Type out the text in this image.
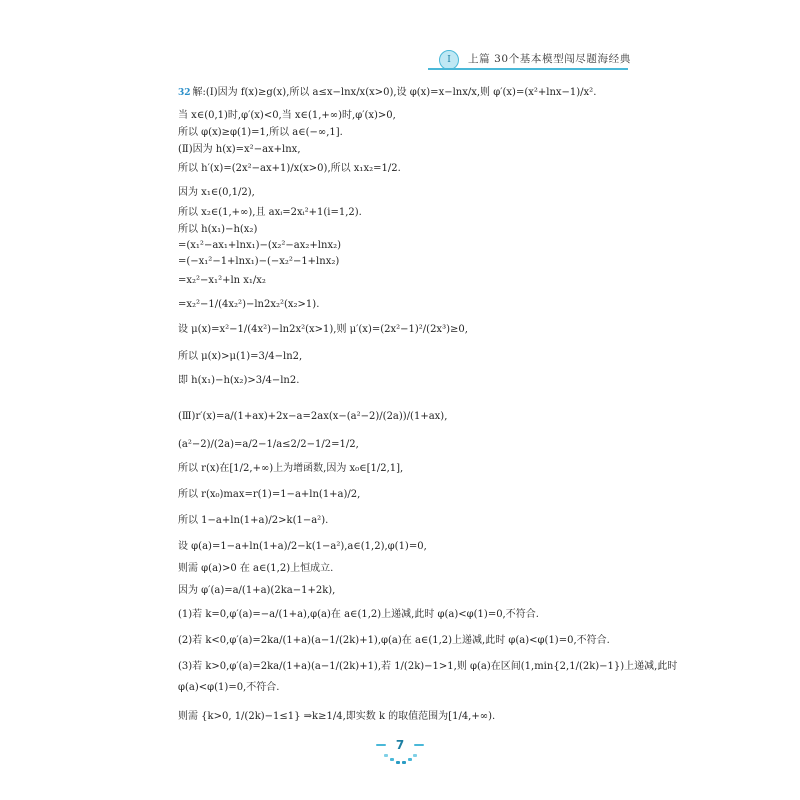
Ⅰ	上篇 30个基本模型闯尽题海经典
32 解:(Ⅰ)因为 f(x)≥g(x),所以 a≤x−lnx/x(x>0),设 φ(x)=x−lnx/x,则 φ′(x)=(x²+lnx−1)/x².
当 x∈(0,1)时,φ′(x)<0,当 x∈(1,+∞)时,φ′(x)>0,
所以 φ(x)≥φ(1)=1,所以 a∈(−∞,1].
(Ⅱ)因为 h(x)=x²−ax+lnx,
所以 h′(x)=(2x²−ax+1)/x(x>0),所以 x₁x₂=1/2.
因为 x₁∈(0,1/2),
所以 x₂∈(1,+∞),且 axᵢ=2xᵢ²+1(i=1,2).
所以 h(x₁)−h(x₂)
=(x₁²−ax₁+lnx₁)−(x₂²−ax₂+lnx₂)
=(−x₁²−1+lnx₁)−(−x₂²−1+lnx₂)
=x₂²−x₁²+ln x₁/x₂
=x₂²−1/(4x₂²)−ln2x₂²(x₂>1).
设 μ(x)=x²−1/(4x²)−ln2x²(x>1),则 μ′(x)=(2x²−1)²/(2x³)≥0,
所以 μ(x)>μ(1)=3/4−ln2,
即 h(x₁)−h(x₂)>3/4−ln2.
(Ⅲ)r′(x)=a/(1+ax)+2x−a=2ax(x−(a²−2)/(2a))/(1+ax),
(a²−2)/(2a)=a/2−1/a≤2/2−1/2=1/2,
所以 r(x)在[1/2,+∞)上为增函数,因为 x₀∈[1/2,1],
所以 r(x₀)max=r(1)=1−a+ln(1+a)/2,
所以 1−a+ln(1+a)/2>k(1−a²).
设 φ(a)=1−a+ln(1+a)/2−k(1−a²),a∈(1,2),φ(1)=0,
则需 φ(a)>0 在 a∈(1,2)上恒成立.
因为 φ′(a)=a/(1+a)(2ka−1+2k),
(1)若 k=0,φ′(a)=−a/(1+a),φ(a)在 a∈(1,2)上递减,此时 φ(a)<φ(1)=0,不符合.
(2)若 k<0,φ′(a)=2ka/(1+a)(a−1/(2k)+1),φ(a)在 a∈(1,2)上递减,此时 φ(a)<φ(1)=0,不符合.
(3)若 k>0,φ′(a)=2ka/(1+a)(a−1/(2k)+1),若 1/(2k)−1>1,则 φ(a)在区间(1,min{2,1/(2k)−1})上递减,此时
φ(a)<φ(1)=0,不符合.
则需 {k>0, 1/(2k)−1≤1} ⇒k≥1/4,即实数 k 的取值范围为[1/4,+∞).
7
